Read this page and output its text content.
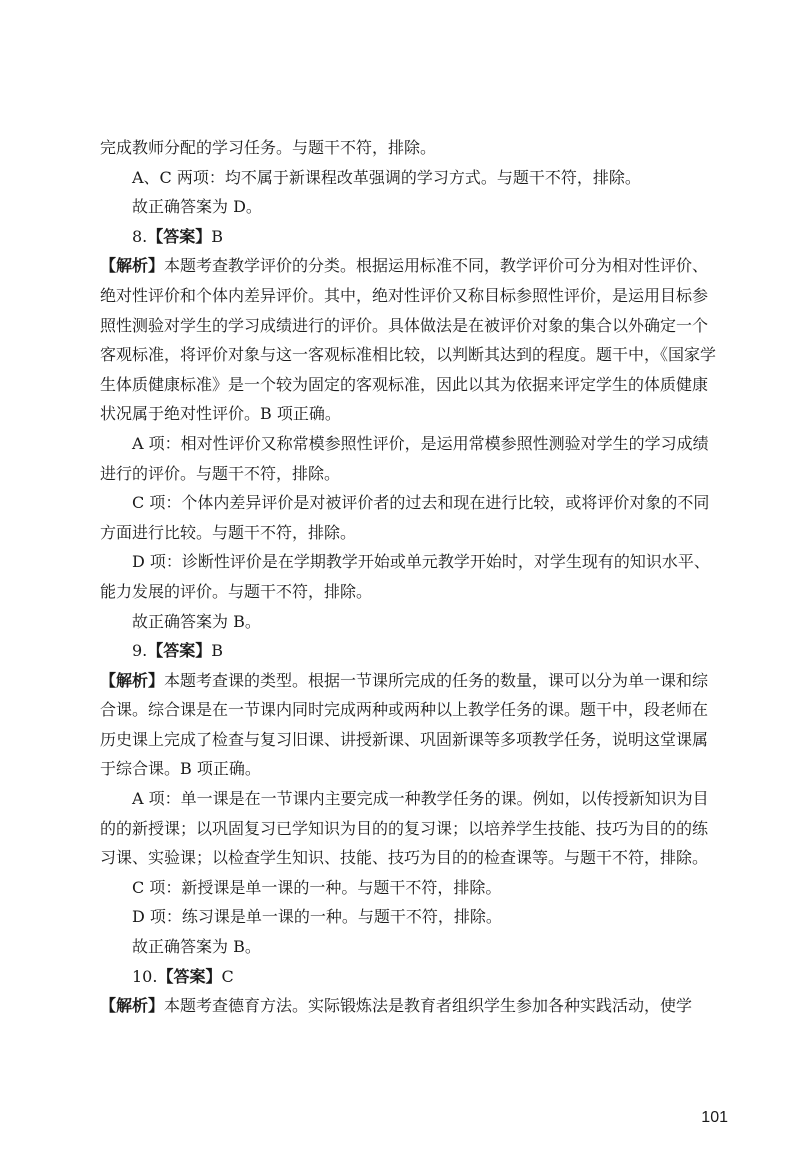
完成教师分配的学习任务。与题干不符，排除。

A、C 两项：均不属于新课程改革强调的学习方式。与题干不符，排除。

故正确答案为 D。

8.【答案】B

【解析】本题考查教学评价的分类。根据运用标准不同，教学评价可分为相对性评价、绝对性评价和个体内差异评价。其中，绝对性评价又称目标参照性评价，是运用目标参照性测验对学生的学习成绩进行的评价。具体做法是在被评价对象的集合以外确定一个客观标准，将评价对象与这一客观标准相比较，以判断其达到的程度。题干中，《国家学生体质健康标准》是一个较为固定的客观标准，因此以其为依据来评定学生的体质健康状况属于绝对性评价。B 项正确。

A 项：相对性评价又称常模参照性评价，是运用常模参照性测验对学生的学习成绩进行的评价。与题干不符，排除。

C 项：个体内差异评价是对被评价者的过去和现在进行比较，或将评价对象的不同方面进行比较。与题干不符，排除。

D 项：诊断性评价是在学期教学开始或单元教学开始时，对学生现有的知识水平、能力发展的评价。与题干不符，排除。

故正确答案为 B。

9.【答案】B

【解析】本题考查课的类型。根据一节课所完成的任务的数量，课可以分为单一课和综合课。综合课是在一节课内同时完成两种或两种以上教学任务的课。题干中，段老师在历史课上完成了检查与复习旧课、讲授新课、巩固新课等多项教学任务，说明这堂课属于综合课。B 项正确。

A 项：单一课是在一节课内主要完成一种教学任务的课。例如，以传授新知识为目的的新授课；以巩固复习已学知识为目的的复习课；以培养学生技能、技巧为目的的练习课、实验课；以检查学生知识、技能、技巧为目的的检查课等。与题干不符，排除。

C 项：新授课是单一课的一种。与题干不符，排除。

D 项：练习课是单一课的一种。与题干不符，排除。

故正确答案为 B。

10.【答案】C

【解析】本题考查德育方法。实际锻炼法是教育者组织学生参加各种实践活动，使学

101
